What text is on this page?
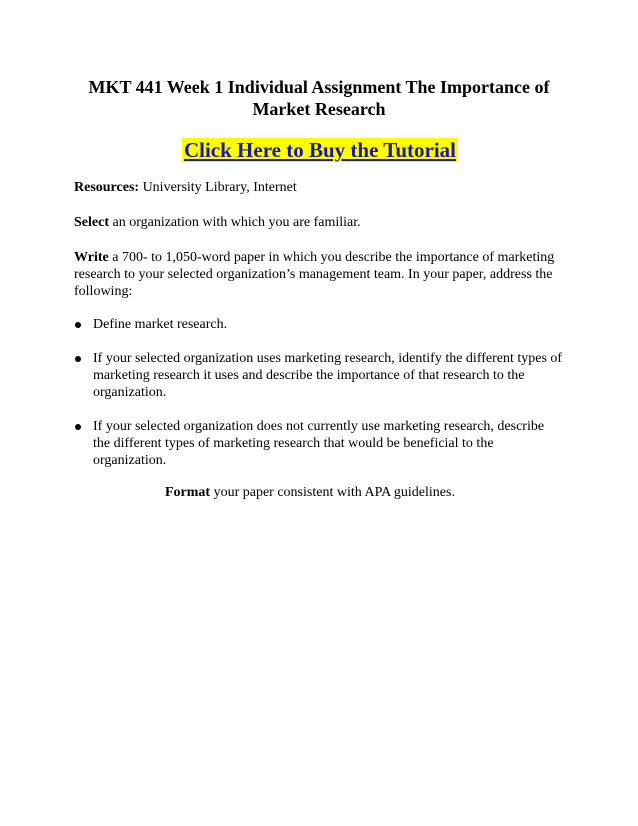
MKT 441 Week 1 Individual Assignment The Importance of
Market Research
Click Here to Buy the Tutorial
Resources: University Library, Internet
Select an organization with which you are familiar.
Write a 700- to 1,050-word paper in which you describe the importance of marketing research to your selected organization’s management team. In your paper, address the following:
Define market research.
If your selected organization uses marketing research, identify the different types of marketing research it uses and describe the importance of that research to the organization.
If your selected organization does not currently use marketing research, describe the different types of marketing research that would be beneficial to the organization.
Format your paper consistent with APA guidelines.
